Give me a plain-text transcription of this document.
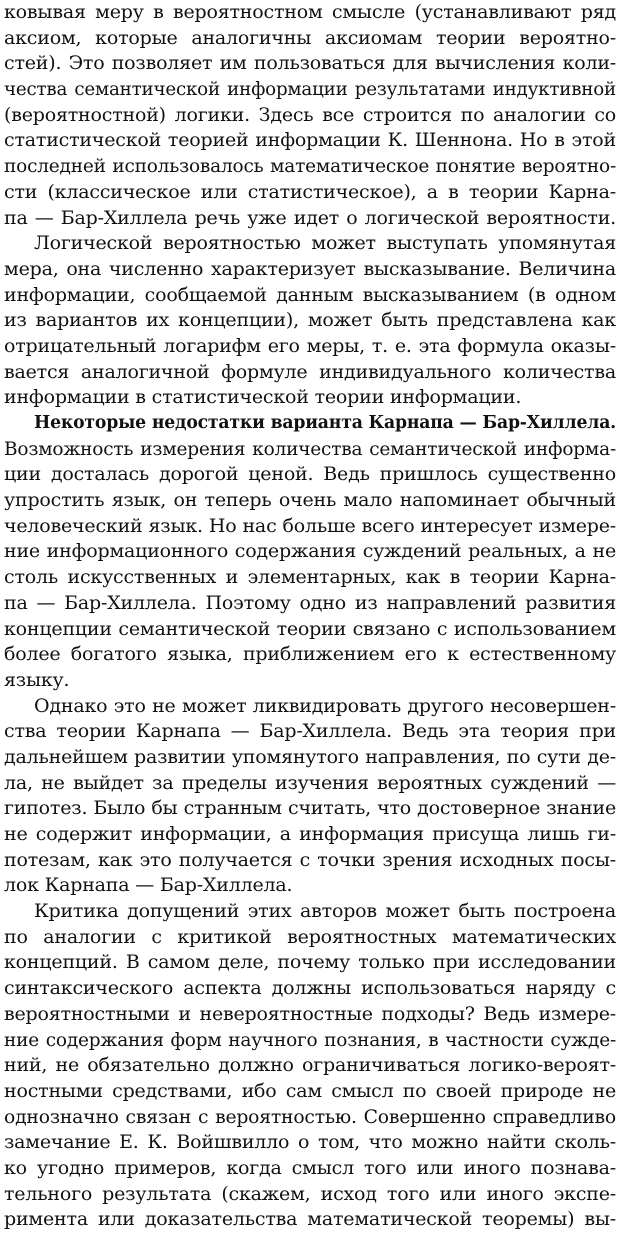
ковывая меру в вероятностном смысле (устанавливают ряд
аксиом, которые аналогичны аксиомам теории вероятно-
стей). Это позволяет им пользоваться для вычисления коли-
чества семантической информации результатами индуктивной
(вероятностной) логики. Здесь все строится по аналогии со
статистической теорией информации К. Шеннона. Но в этой
последней использовалось математическое понятие вероятно-
сти (классическое или статистическое), а в теории Карна-
па — Бар-Хиллела речь уже идет о логической вероятности.
Логической вероятностью может выступать упомянутая
мера, она численно характеризует высказывание. Величина
информации, сообщаемой данным высказыванием (в одном
из вариантов их концепции), может быть представлена как
отрицательный логарифм его меры, т. е. эта формула оказы-
вается аналогичной формуле индивидуального количества
информации в статистической теории информации.
Некоторые недостатки варианта Карнапа — Бар-Хиллела.
Возможность измерения количества семантической информа-
ции досталась дорогой ценой. Ведь пришлось существенно
упростить язык, он теперь очень мало напоминает обычный
человеческий язык. Но нас больше всего интересует измере-
ние информационного содержания суждений реальных, а не
столь искусственных и элементарных, как в теории Карна-
па — Бар-Хиллела. Поэтому одно из направлений развития
концепции семантической теории связано с использованием
более богатого языка, приближением его к естественному
языку.
Однако это не может ликвидировать другого несовершен-
ства теории Карнапа — Бар-Хиллела. Ведь эта теория при
дальнейшем развитии упомянутого направления, по сути де-
ла, не выйдет за пределы изучения вероятных суждений —
гипотез. Было бы странным считать, что достоверное знание
не содержит информации, а информация присуща лишь ги-
потезам, как это получается с точки зрения исходных посы-
лок Карнапа — Бар-Хиллела.
Критика допущений этих авторов может быть построена
по аналогии с критикой вероятностных математических
концепций. В самом деле, почему только при исследовании
синтаксического аспекта должны использоваться наряду с
вероятностными и невероятностные подходы? Ведь измере-
ние содержания форм научного познания, в частности сужде-
ний, не обязательно должно ограничиваться логико-вероят-
ностными средствами, ибо сам смысл по своей природе не
однозначно связан с вероятностью. Совершенно справедливо
замечание Е. К. Войшвилло о том, что можно найти сколь-
ко угодно примеров, когда смысл того или иного познава-
тельного результата (скажем, исход того или иного экспе-
римента или доказательства математической теоремы) вы-
